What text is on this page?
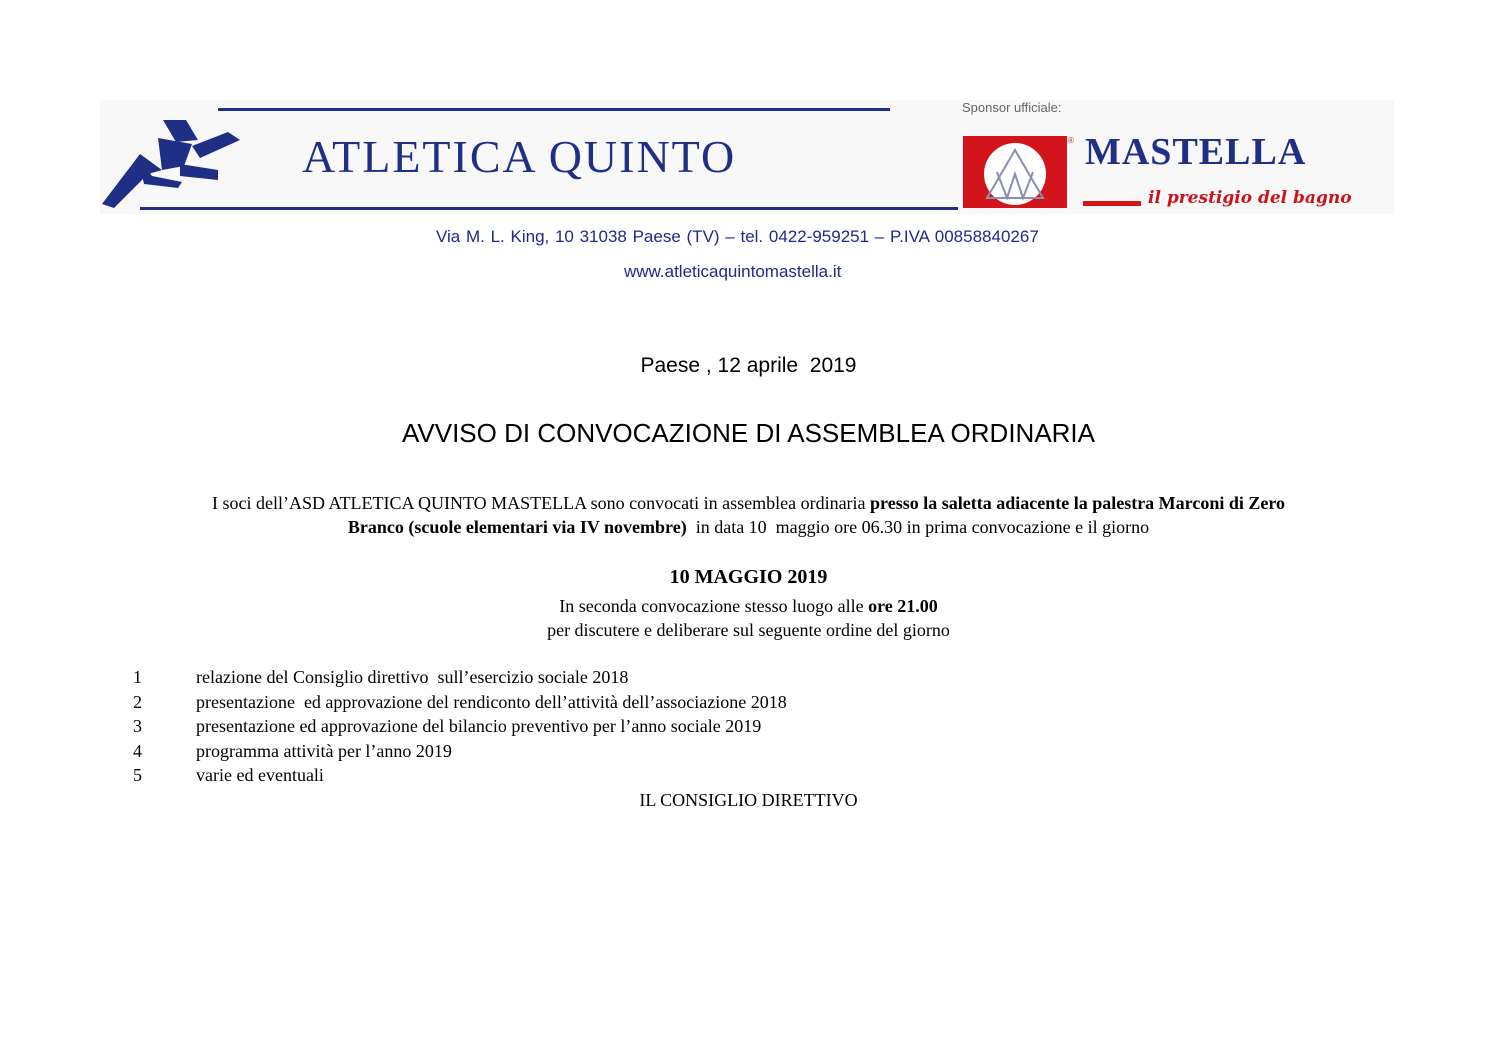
ATLETICA QUINTO
Sponsor ufficiale:
® MASTELLA
il prestigio del bagno
Via M. L. King, 10 31038 Paese (TV) – tel. 0422-959251 – P.IVA 00858840267
www.atleticaquintomastella.it
Paese , 12 aprile  2019
AVVISO DI CONVOCAZIONE DI ASSEMBLEA ORDINARIA
I soci dell’ASD ATLETICA QUINTO MASTELLA sono convocati in assemblea ordinaria presso la saletta adiacente la palestra Marconi di Zero
Branco (scuole elementari via IV novembre)  in data 10  maggio ore 06.30 in prima convocazione e il giorno
10 MAGGIO 2019
In seconda convocazione stesso luogo alle ore 21.00
per discutere e deliberare sul seguente ordine del giorno
1	relazione del Consiglio direttivo  sull’esercizio sociale 2018
2	presentazione  ed approvazione del rendiconto dell’attività dell’associazione 2018
3	presentazione ed approvazione del bilancio preventivo per l’anno sociale 2019
4	programma attività per l’anno 2019
5	varie ed eventuali
IL CONSIGLIO DIRETTIVO
